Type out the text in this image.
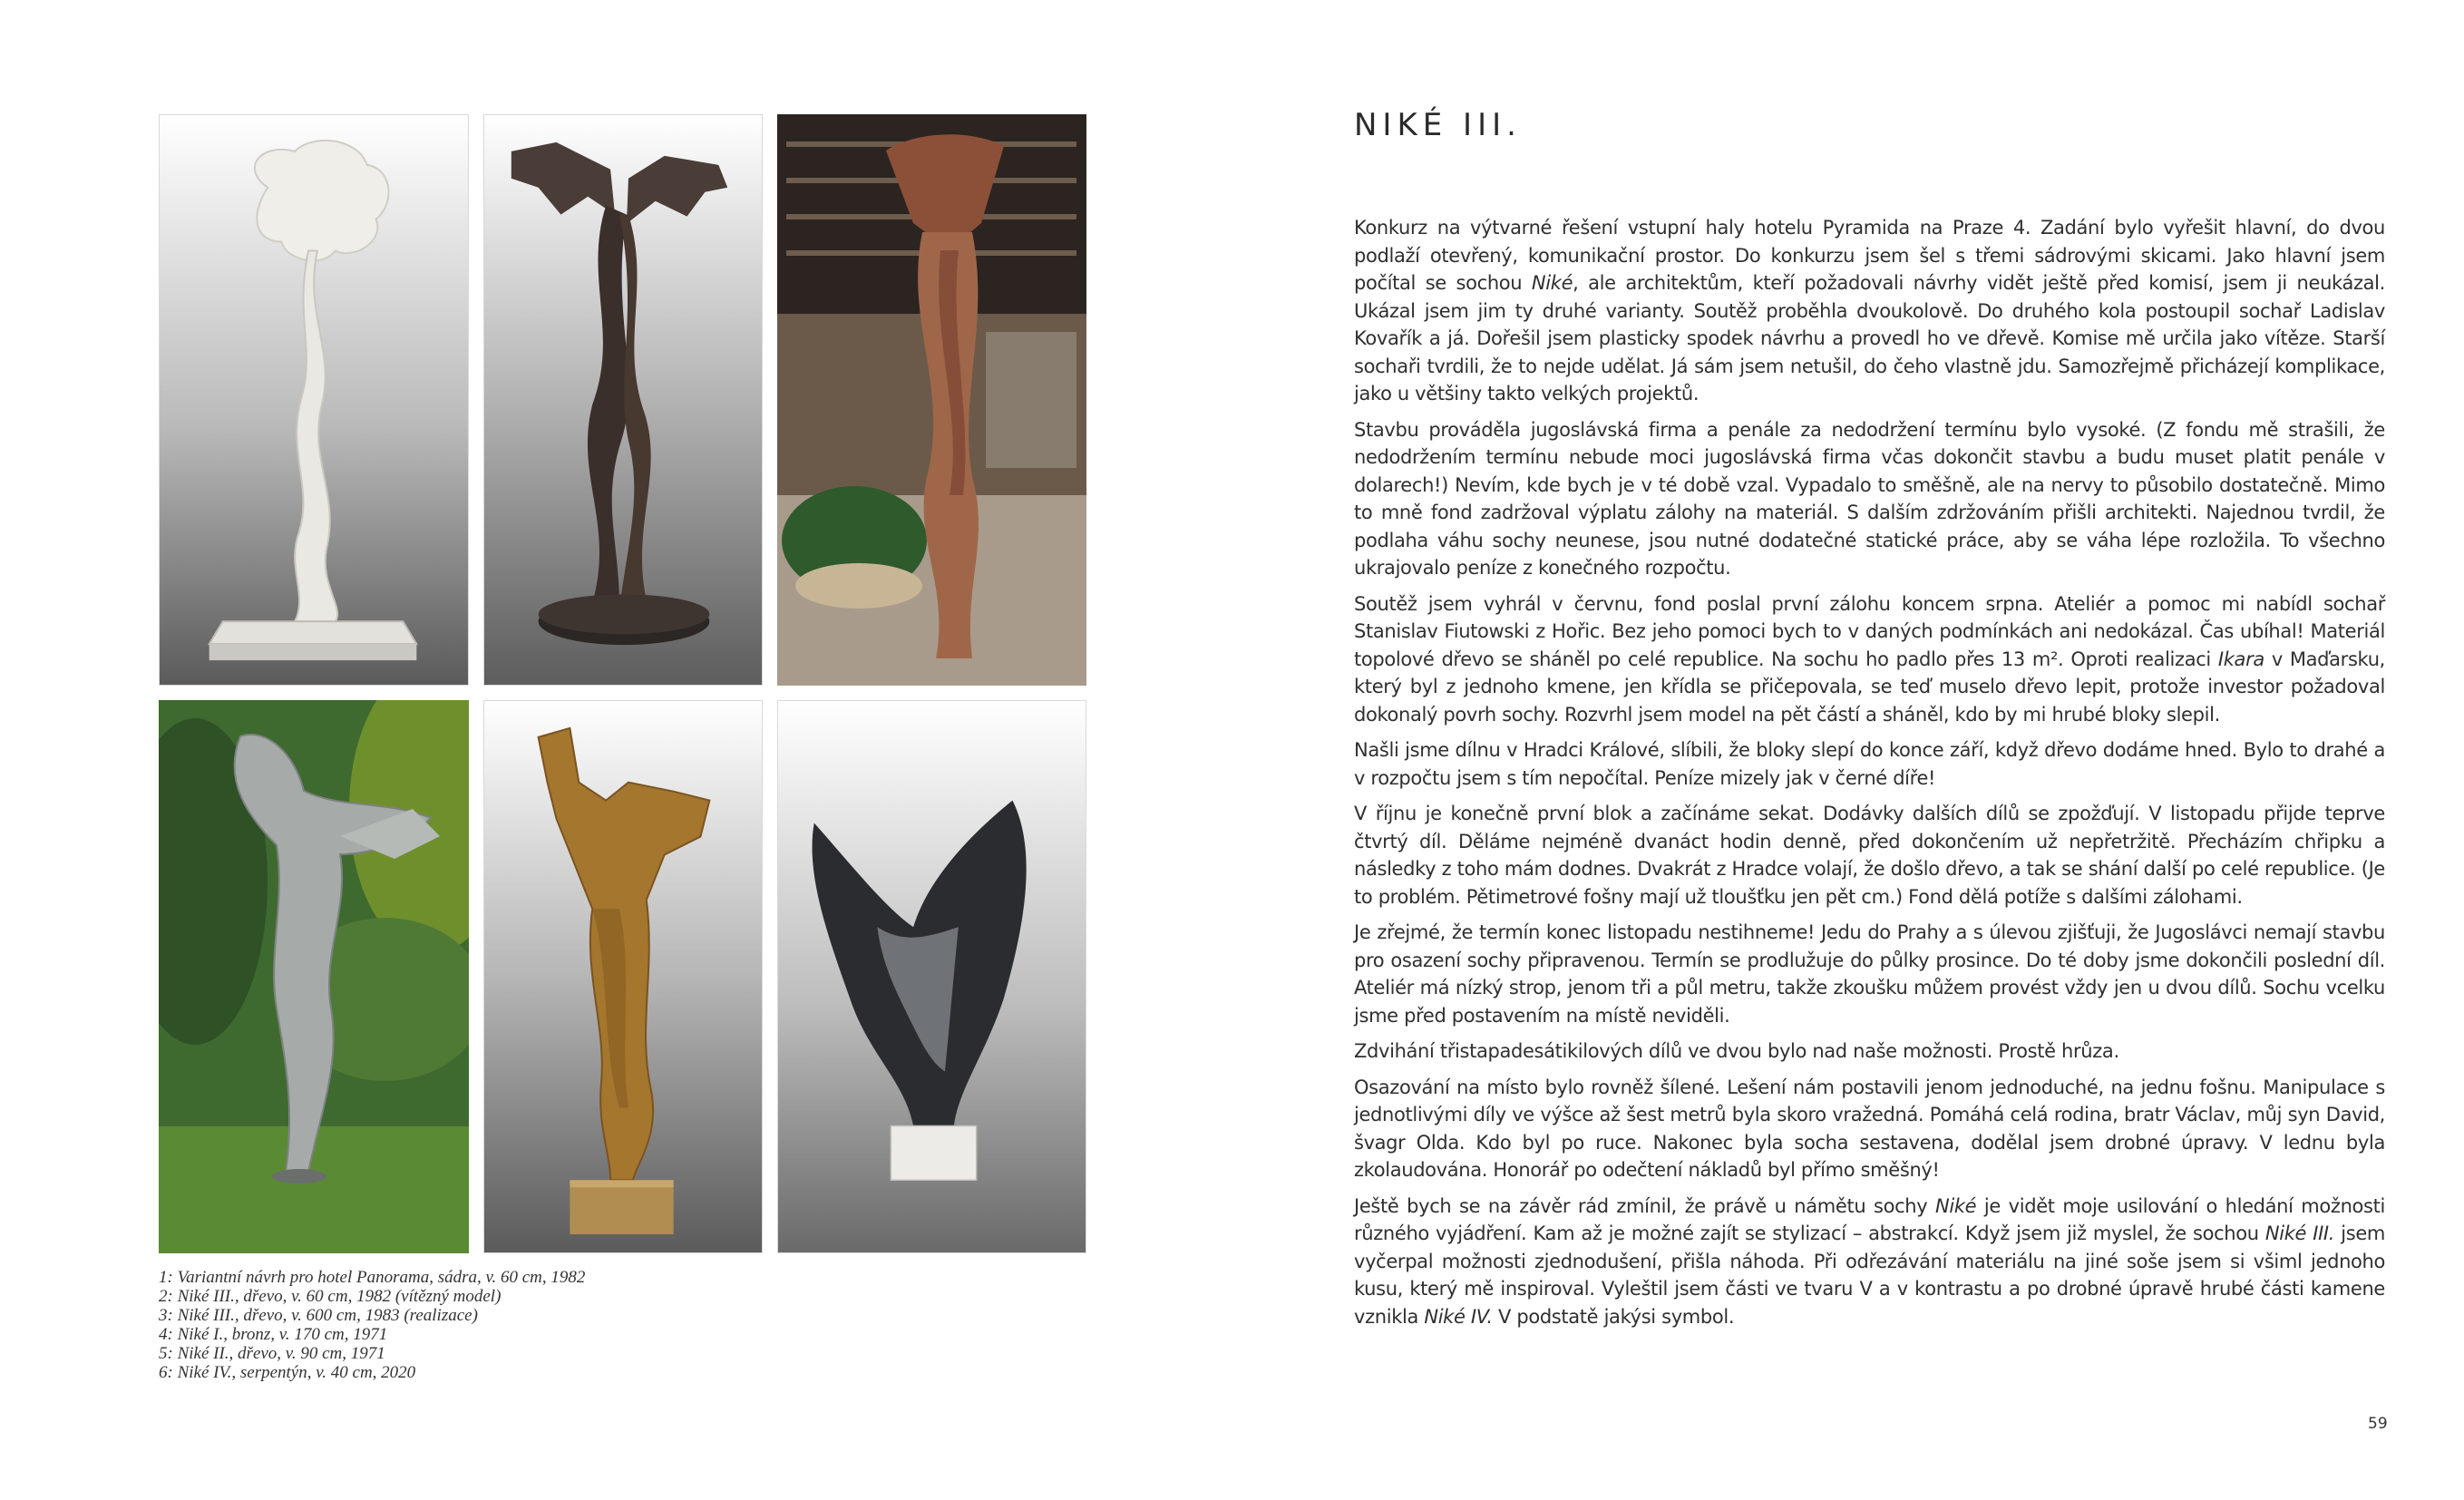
1: Variantní návrh pro hotel Panorama, sádra, v. 60 cm, 1982
2: Niké III., dřevo, v. 60 cm, 1982 (vítězný model)
3: Niké III., dřevo, v. 600 cm, 1983 (realizace)
4: Niké I., bronz, v. 170 cm, 1971
5: Niké II., dřevo, v. 90 cm, 1971
6: Niké IV., serpentýn, v. 40 cm, 2020
NIKÉ III.

Konkurz na výtvarné řešení vstupní haly hotelu Pyramida na Praze 4. Zadání bylo vyřešit hlavní, do dvou podlaží otevřený, komunikační prostor. Do konkurzu jsem šel s třemi sádrovými skicami. Jako hlavní jsem počítal se sochou Niké, ale architektům, kteří požadovali návrhy vidět ještě před komisí, jsem ji neukázal. Ukázal jsem jim ty druhé varianty. Soutěž proběhla dvoukolově. Do druhého kola postoupil sochař Ladislav Kovařík a já. Dořešil jsem plasticky spodek návrhu a provedl ho ve dřevě. Komise mě určila jako vítěze. Starší sochaři tvrdili, že to nejde udělat. Já sám jsem netušil, do čeho vlastně jdu. Samozřejmě přicházejí komplikace, jako u většiny takto velkých projektů.

Stavbu prováděla jugoslávská firma a penále za nedodržení termínu bylo vysoké. (Z fondu mě strašili, že nedodržením termínu nebude moci jugoslávská firma včas dokončit stavbu a budu muset platit penále v dolarech!) Nevím, kde bych je v té době vzal. Vypadalo to směšně, ale na nervy to působilo dostatečně. Mimo to mně fond zadržoval výplatu zálohy na materiál. S dalším zdržováním přišli architekti. Najednou tvrdil, že podlaha váhu sochy neunese, jsou nutné dodatečné statické práce, aby se váha lépe rozložila. To všechno ukrajovalo peníze z konečného rozpočtu.

Soutěž jsem vyhrál v červnu, fond poslal první zálohu koncem srpna. Ateliér a pomoc mi nabídl sochař Stanislav Fiutowski z Hořic. Bez jeho pomoci bych to v daných podmínkách ani nedokázal. Čas ubíhal! Materiál topolové dřevo se sháněl po celé republice. Na sochu ho padlo přes 13 m². Oproti realizaci Ikara v Maďarsku, který byl z jednoho kmene, jen křídla se přičepovala, se teď muselo dřevo lepit, protože investor požadoval dokonalý povrh sochy. Rozvrhl jsem model na pět částí a sháněl, kdo by mi hrubé bloky slepil.

Našli jsme dílnu v Hradci Králové, slíbili, že bloky slepí do konce září, když dřevo dodáme hned. Bylo to drahé a v rozpočtu jsem s tím nepočítal. Peníze mizely jak v černé díře!

V říjnu je konečně první blok a začínáme sekat. Dodávky dalších dílů se zpožďují. V listopadu přijde teprve čtvrtý díl. Děláme nejméně dvanáct hodin denně, před dokončením už nepřetržitě. Přecházím chřipku a následky z toho mám dodnes. Dvakrát z Hradce volají, že došlo dřevo, a tak se shání další po celé republice. (Je to problém. Pětimetrové fošny mají už tloušťku jen pět cm.) Fond dělá potíže s dalšími zálohami.

Je zřejmé, že termín konec listopadu nestihneme! Jedu do Prahy a s úlevou zjišťuji, že Jugoslávci nemají stavbu pro osazení sochy připravenou. Termín se prodlužuje do půlky prosince. Do té doby jsme dokončili poslední díl. Ateliér má nízký strop, jenom tři a půl metru, takže zkoušku můžem provést vždy jen u dvou dílů. Sochu vcelku jsme před postavením na místě neviděli.

Zdvihání třistapadesátikilových dílů ve dvou bylo nad naše možnosti. Prostě hrůza.

Osazování na místo bylo rovněž šílené. Lešení nám postavili jenom jednoduché, na jednu fošnu. Manipulace s jednotlivými díly ve výšce až šest metrů byla skoro vražedná. Pomáhá celá rodina, bratr Václav, můj syn David, švagr Olda. Kdo byl po ruce. Nakonec byla socha sestavena, dodělal jsem drobné úpravy. V lednu byla zkolaudována. Honorář po odečtení nákladů byl přímo směšný!

Ještě bych se na závěr rád zmínil, že právě u námětu sochy Niké je vidět moje usilování o hledání možnosti různého vyjádření. Kam až je možné zajít se stylizací – abstrakcí. Když jsem již myslel, že sochou Niké III. jsem vyčerpal možnosti zjednodušení, přišla náhoda. Při odřezávání materiálu na jiné soše jsem si všiml jednoho kusu, který mě inspiroval. Vyleštil jsem části ve tvaru V a v kontrastu a po drobné úpravě hrubé části kamene vznikla Niké IV. V podstatě jakýsi symbol.

59
